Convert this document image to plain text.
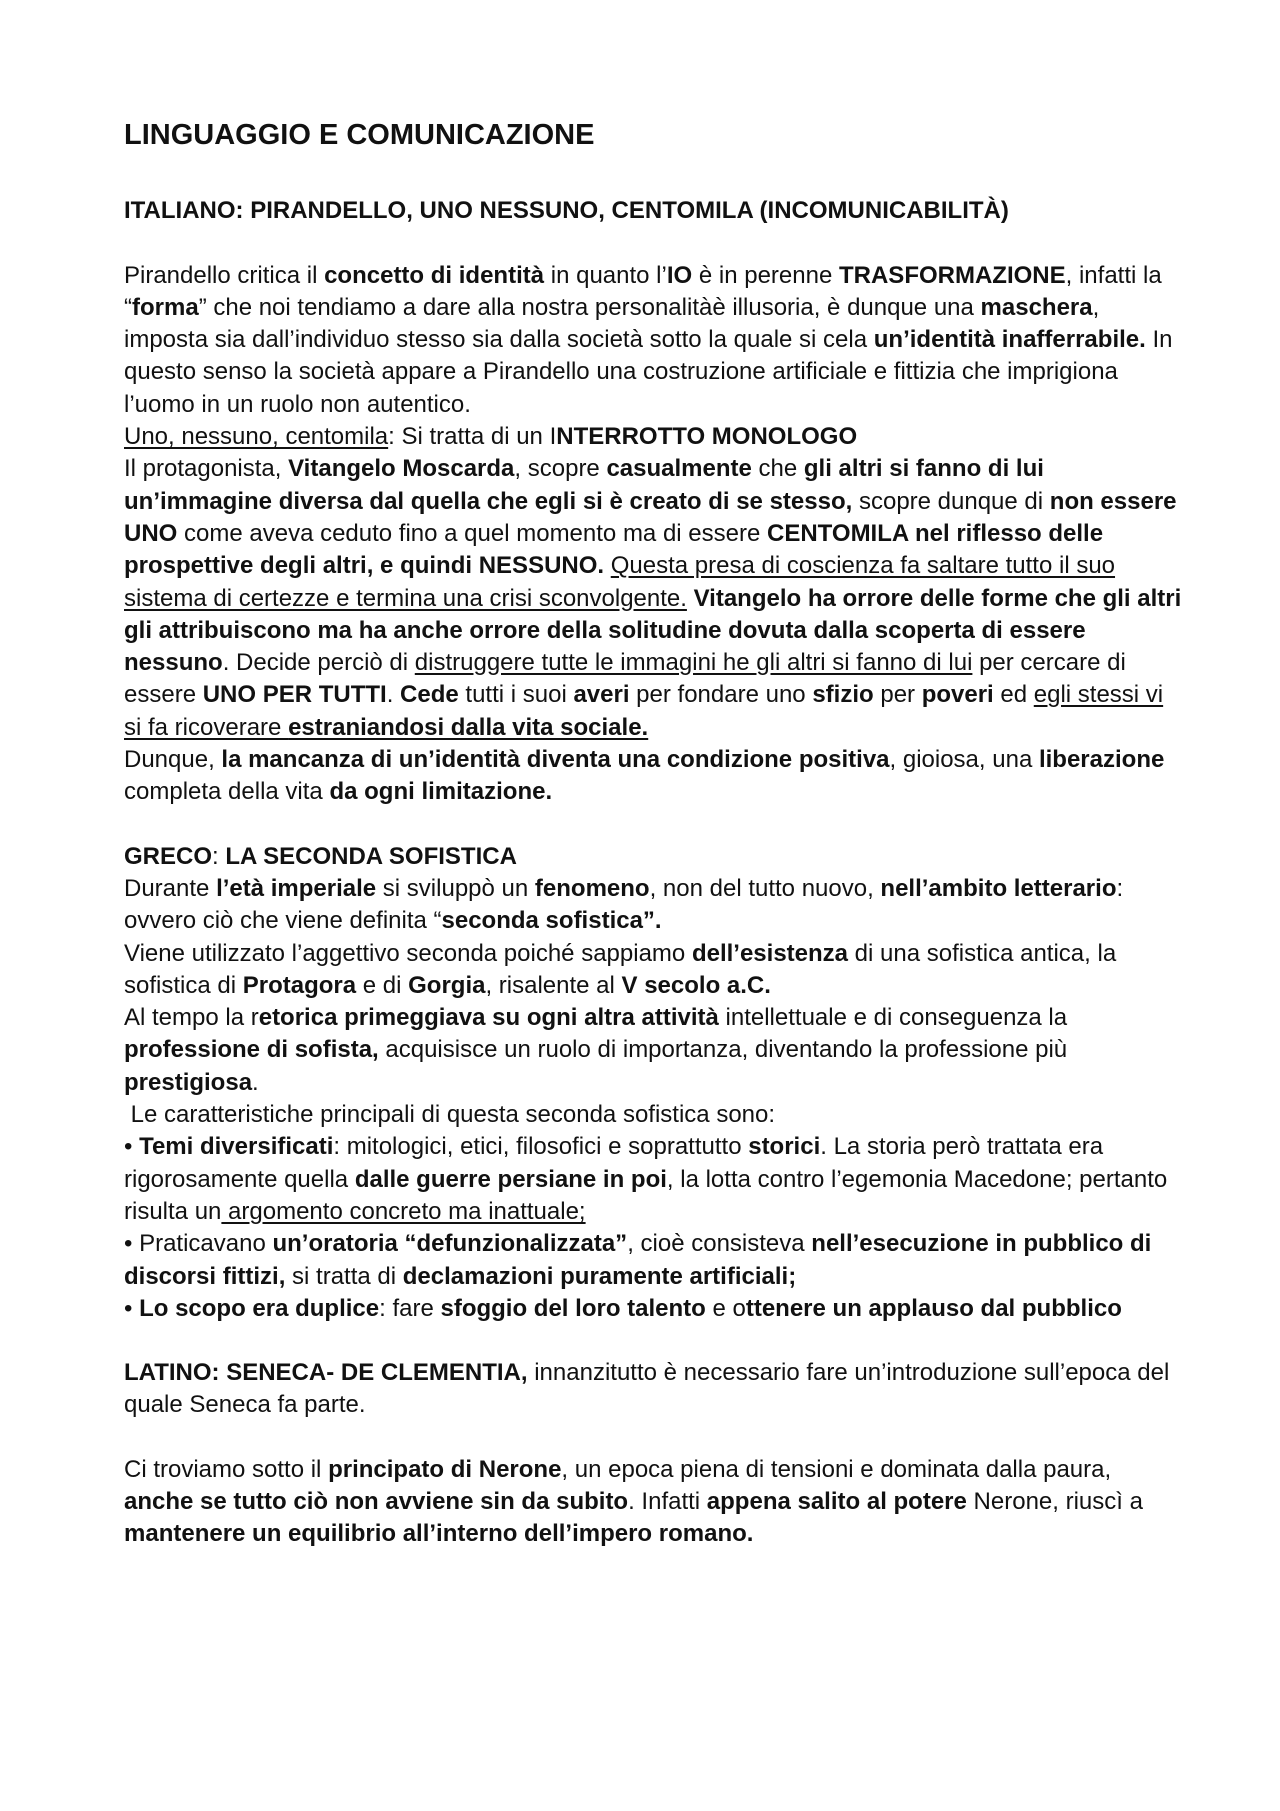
LINGUAGGIO E COMUNICAZIONE
ITALIANO: PIRANDELLO, UNO NESSUNO, CENTOMILA (INCOMUNICABILITÀ)

Pirandello critica il concetto di identità in quanto l’IO è in perenne TRASFORMAZIONE, infatti la “forma” che noi tendiamo a dare alla nostra personalitàè illusoria, è dunque una maschera, imposta sia dall’individuo stesso sia dalla società sotto la quale si cela un’identità inafferrabile. In questo senso la società appare a Pirandello una costruzione artificiale e fittizia che imprigiona l’uomo in un ruolo non autentico.

Uno, nessuno, centomila: Si tratta di un INTERROTTO MONOLOGO

Il protagonista, Vitangelo Moscarda, scopre casualmente che gli altri si fanno di lui un’immagine diversa dal quella che egli si è creato di se stesso, scopre dunque di non essere UNO come aveva ceduto fino a quel momento ma di essere CENTOMILA nel riflesso delle prospettive degli altri, e quindi NESSUNO. Questa presa di coscienza fa saltare tutto il suo sistema di certezze e termina una crisi sconvolgente. Vitangelo ha orrore delle forme che gli altri gli attribuiscono ma ha anche orrore della solitudine dovuta dalla scoperta di essere nessuno. Decide perciò di distruggere tutte le immagini he gli altri si fanno di lui per cercare di essere UNO PER TUTTI. Cede tutti i suoi averi per fondare uno sfizio per poveri ed egli stessi vi si fa ricoverare estraniandosi dalla vita sociale.

Dunque, la mancanza di un’identità diventa una condizione positiva, gioiosa, una liberazione completa della vita da ogni limitazione.

GRECO: LA SECONDA SOFISTICA

Durante l’età imperiale si sviluppò un fenomeno, non del tutto nuovo, nell’ambito letterario: ovvero ciò che viene definita “seconda sofistica”.

Viene utilizzato l’aggettivo seconda poiché sappiamo dell’esistenza di una sofistica antica, la sofistica di Protagora e di Gorgia, risalente al V secolo a.C.

Al tempo la retorica primeggiava su ogni altra attività intellettuale e di conseguenza la professione di sofista, acquisisce un ruolo di importanza, diventando la professione più prestigiosa.

Le caratteristiche principali di questa seconda sofistica sono:

• Temi diversificati: mitologici, etici, filosofici e soprattutto storici. La storia però trattata era rigorosamente quella dalle guerre persiane in poi, la lotta contro l’egemonia Macedone; pertanto risulta un argomento concreto ma inattuale;

• Praticavano un’oratoria “defunzionalizzata”, cioè consisteva nell’esecuzione in pubblico di discorsi fittizi, si tratta di declamazioni puramente artificiali;

• Lo scopo era duplice: fare sfoggio del loro talento e ottenere un applauso dal pubblico

LATINO: SENECA- DE CLEMENTIA, innanzitutto è necessario fare un’introduzione sull’epoca del quale Seneca fa parte.

Ci troviamo sotto il principato di Nerone, un epoca piena di tensioni e dominata dalla paura, anche se tutto ciò non avviene sin da subito. Infatti appena salito al potere Nerone, riuscì a mantenere un equilibrio all’interno dell’impero romano.
